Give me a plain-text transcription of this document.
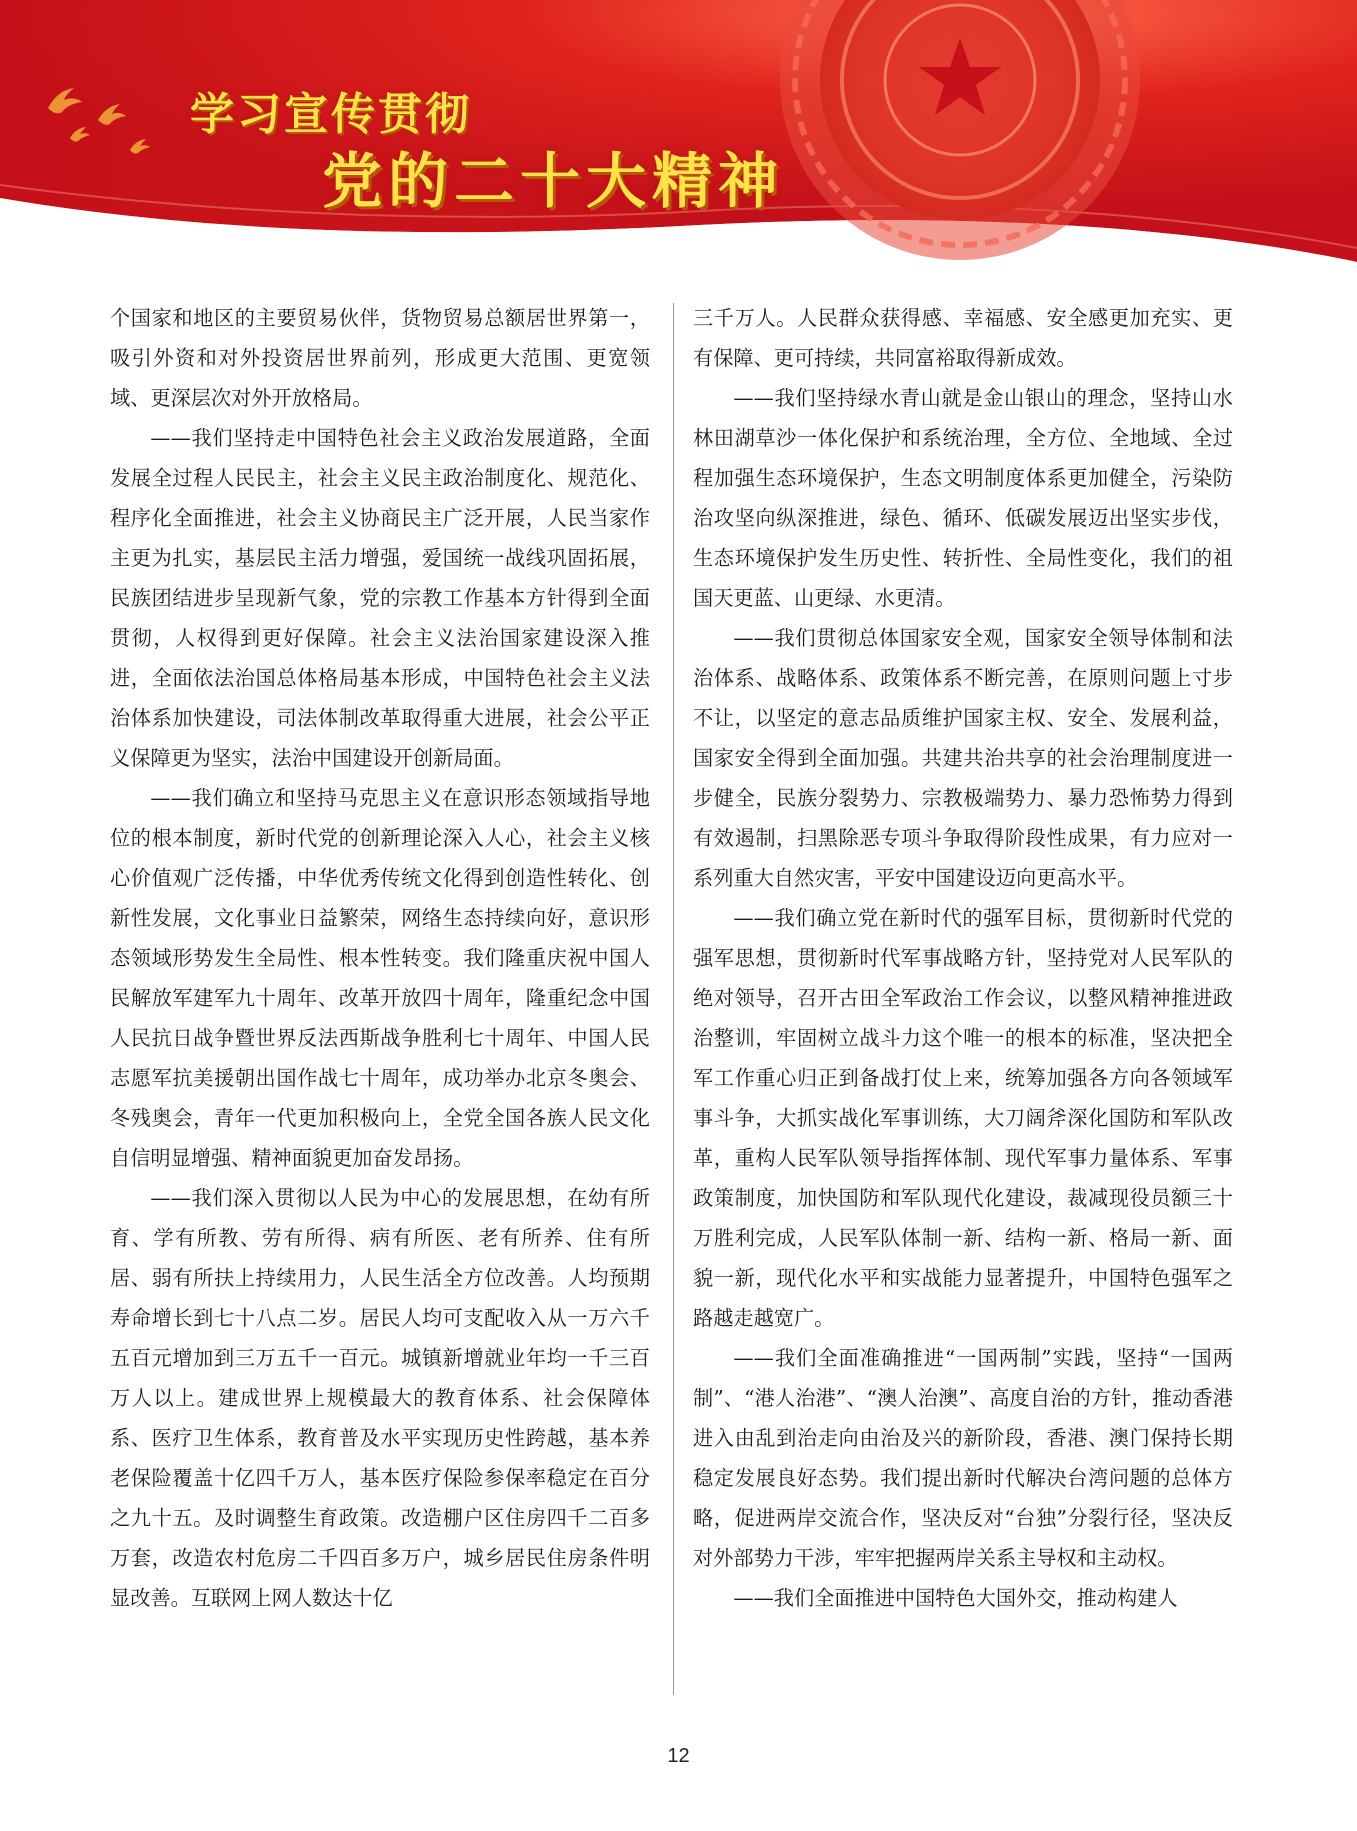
学习宣传贯彻
党的二十大精神

个国家和地区的主要贸易伙伴，货物贸易总额居世界第一，吸引外资和对外投资居世界前列，形成更大范围、更宽领域、更深层次对外开放格局。

——我们坚持走中国特色社会主义政治发展道路，全面发展全过程人民民主，社会主义民主政治制度化、规范化、程序化全面推进，社会主义协商民主广泛开展，人民当家作主更为扎实，基层民主活力增强，爱国统一战线巩固拓展，民族团结进步呈现新气象，党的宗教工作基本方针得到全面贯彻，人权得到更好保障。社会主义法治国家建设深入推进，全面依法治国总体格局基本形成，中国特色社会主义法治体系加快建设，司法体制改革取得重大进展，社会公平正义保障更为坚实，法治中国建设开创新局面。

——我们确立和坚持马克思主义在意识形态领域指导地位的根本制度，新时代党的创新理论深入人心，社会主义核心价值观广泛传播，中华优秀传统文化得到创造性转化、创新性发展，文化事业日益繁荣，网络生态持续向好，意识形态领域形势发生全局性、根本性转变。我们隆重庆祝中国人民解放军建军九十周年、改革开放四十周年，隆重纪念中国人民抗日战争暨世界反法西斯战争胜利七十周年、中国人民志愿军抗美援朝出国作战七十周年，成功举办北京冬奥会、冬残奥会，青年一代更加积极向上，全党全国各族人民文化自信明显增强、精神面貌更加奋发昂扬。

——我们深入贯彻以人民为中心的发展思想，在幼有所育、学有所教、劳有所得、病有所医、老有所养、住有所居、弱有所扶上持续用力，人民生活全方位改善。人均预期寿命增长到七十八点二岁。居民人均可支配收入从一万六千五百元增加到三万五千一百元。城镇新增就业年均一千三百万人以上。建成世界上规模最大的教育体系、社会保障体系、医疗卫生体系，教育普及水平实现历史性跨越，基本养老保险覆盖十亿四千万人，基本医疗保险参保率稳定在百分之九十五。及时调整生育政策。改造棚户区住房四千二百多万套，改造农村危房二千四百多万户，城乡居民住房条件明显改善。互联网上网人数达十亿

三千万人。人民群众获得感、幸福感、安全感更加充实、更有保障、更可持续，共同富裕取得新成效。

——我们坚持绿水青山就是金山银山的理念，坚持山水林田湖草沙一体化保护和系统治理，全方位、全地域、全过程加强生态环境保护，生态文明制度体系更加健全，污染防治攻坚向纵深推进，绿色、循环、低碳发展迈出坚实步伐，生态环境保护发生历史性、转折性、全局性变化，我们的祖国天更蓝、山更绿、水更清。

——我们贯彻总体国家安全观，国家安全领导体制和法治体系、战略体系、政策体系不断完善，在原则问题上寸步不让，以坚定的意志品质维护国家主权、安全、发展利益，国家安全得到全面加强。共建共治共享的社会治理制度进一步健全，民族分裂势力、宗教极端势力、暴力恐怖势力得到有效遏制，扫黑除恶专项斗争取得阶段性成果，有力应对一系列重大自然灾害，平安中国建设迈向更高水平。

——我们确立党在新时代的强军目标，贯彻新时代党的强军思想，贯彻新时代军事战略方针，坚持党对人民军队的绝对领导，召开古田全军政治工作会议，以整风精神推进政治整训，牢固树立战斗力这个唯一的根本的标准，坚决把全军工作重心归正到备战打仗上来，统筹加强各方向各领域军事斗争，大抓实战化军事训练，大刀阔斧深化国防和军队改革，重构人民军队领导指挥体制、现代军事力量体系、军事政策制度，加快国防和军队现代化建设，裁减现役员额三十万胜利完成，人民军队体制一新、结构一新、格局一新、面貌一新，现代化水平和实战能力显著提升，中国特色强军之路越走越宽广。

——我们全面准确推进“一国两制”实践，坚持“一国两制”、“港人治港”、“澳人治澳”、高度自治的方针，推动香港进入由乱到治走向由治及兴的新阶段，香港、澳门保持长期稳定发展良好态势。我们提出新时代解决台湾问题的总体方略，促进两岸交流合作，坚决反对“台独”分裂行径，坚决反对外部势力干涉，牢牢把握两岸关系主导权和主动权。

——我们全面推进中国特色大国外交，推动构建人

12
